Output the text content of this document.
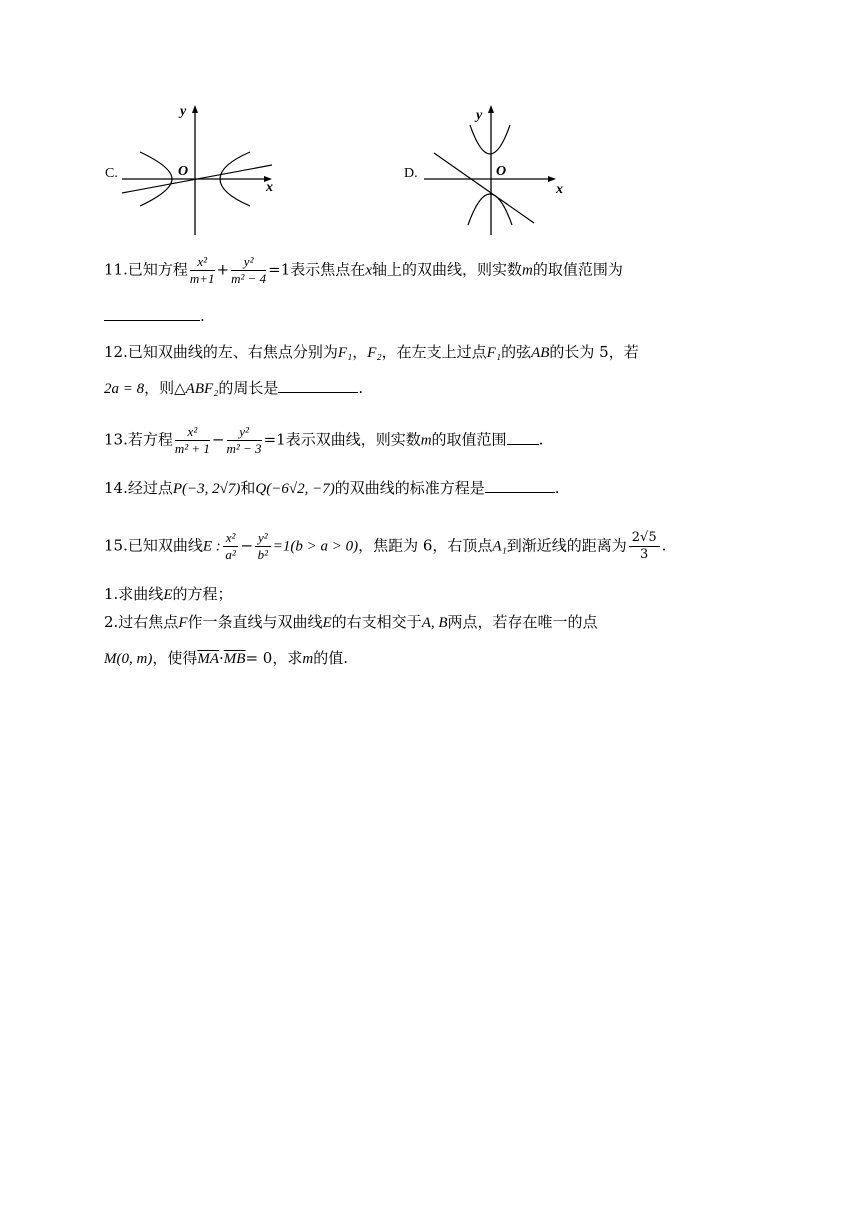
C.
y
x
O	D.
y
x
O
11.已知方程 $\frac{\text{x²}}{m+1} + \frac{\text{y²}}{\text{m² − 4}} =1$表示焦点在x轴上的双曲线，则实数m的取值范围为
.
12.已知双曲线的左、右焦点分别为F₁，F₂，在左支上过点F₁的弦AB的长为 5，若
2a = 8，则△ABF₂的周长是	.
13.若方程 $\frac{\text{x²}}{\text{m² + 1}} - \frac{\text{y²}}{\text{m² − 3}} =1$表示双曲线，则实数m的取值范围 .
14.经过点P(−3, 2√7)和Q(−6√2, −7)的双曲线的标准方程是	.
15.已知双曲线E : $\frac{\text{x²}}{\text{a²}} - \frac{\text{y²}}{\text{b²}} =1(b > a > 0)$，焦距为 6，右顶点A₁到渐近线的距离为 $\frac{2√5}{3}$ .
1.求曲线E的方程；
2.过右焦点F作一条直线与双曲线E的右支相交于A, B两点，若存在唯一的点
M(0, m)，使得$\overline{MA}\cdot\overline{MB}= 0$，求m的值.
